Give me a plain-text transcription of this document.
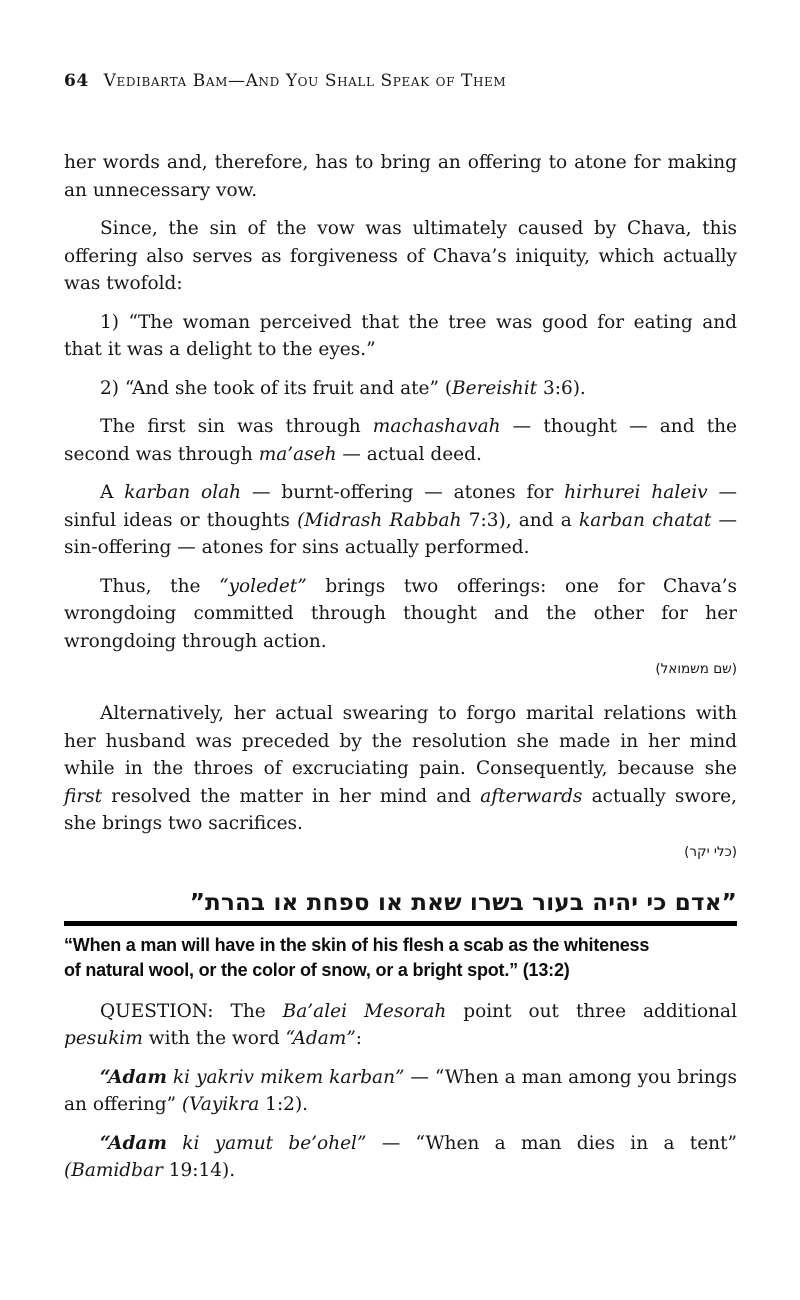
64 Vedibarta Bam—And You Shall Speak of Them

her words and, therefore, has to bring an offering to atone for making an unnecessary vow.

Since, the sin of the vow was ultimately caused by Chava, this offering also serves as forgiveness of Chava’s iniquity, which actually was twofold:

1) “The woman perceived that the tree was good for eating and that it was a delight to the eyes.”

2) “And she took of its fruit and ate” (Bereishit 3:6).

The first sin was through machashavah — thought — and the second was through ma’aseh — actual deed.

A karban olah — burnt-offering — atones for hirhurei haleiv — sinful ideas or thoughts (Midrash Rabbah 7:3), and a karban chatat — sin-offering — atones for sins actually performed.

Thus, the “yoledet” brings two offerings: one for Chava’s wrongdoing committed through thought and the other for her wrongdoing through action.

(שם משמואל)

Alternatively, her actual swearing to forgo marital relations with her husband was preceded by the resolution she made in her mind while in the throes of excruciating pain. Consequently, because she first resolved the matter in her mind and afterwards actually swore, she brings two sacrifices.

(כלי יקר)
”אדם כי יהיה בעור בשרו שאת או ספחת או בהרת”

“When a man will have in the skin of his flesh a scab as the whiteness of natural wool, or the color of snow, or a bright spot.” (13:2)

QUESTION: The Ba’alei Mesorah point out three additional pesukim with the word “Adam”:

“Adam ki yakriv mikem karban” — “When a man among you brings an offering” (Vayikra 1:2).

“Adam ki yamut be’ohel” — “When a man dies in a tent” (Bamidbar 19:14).
